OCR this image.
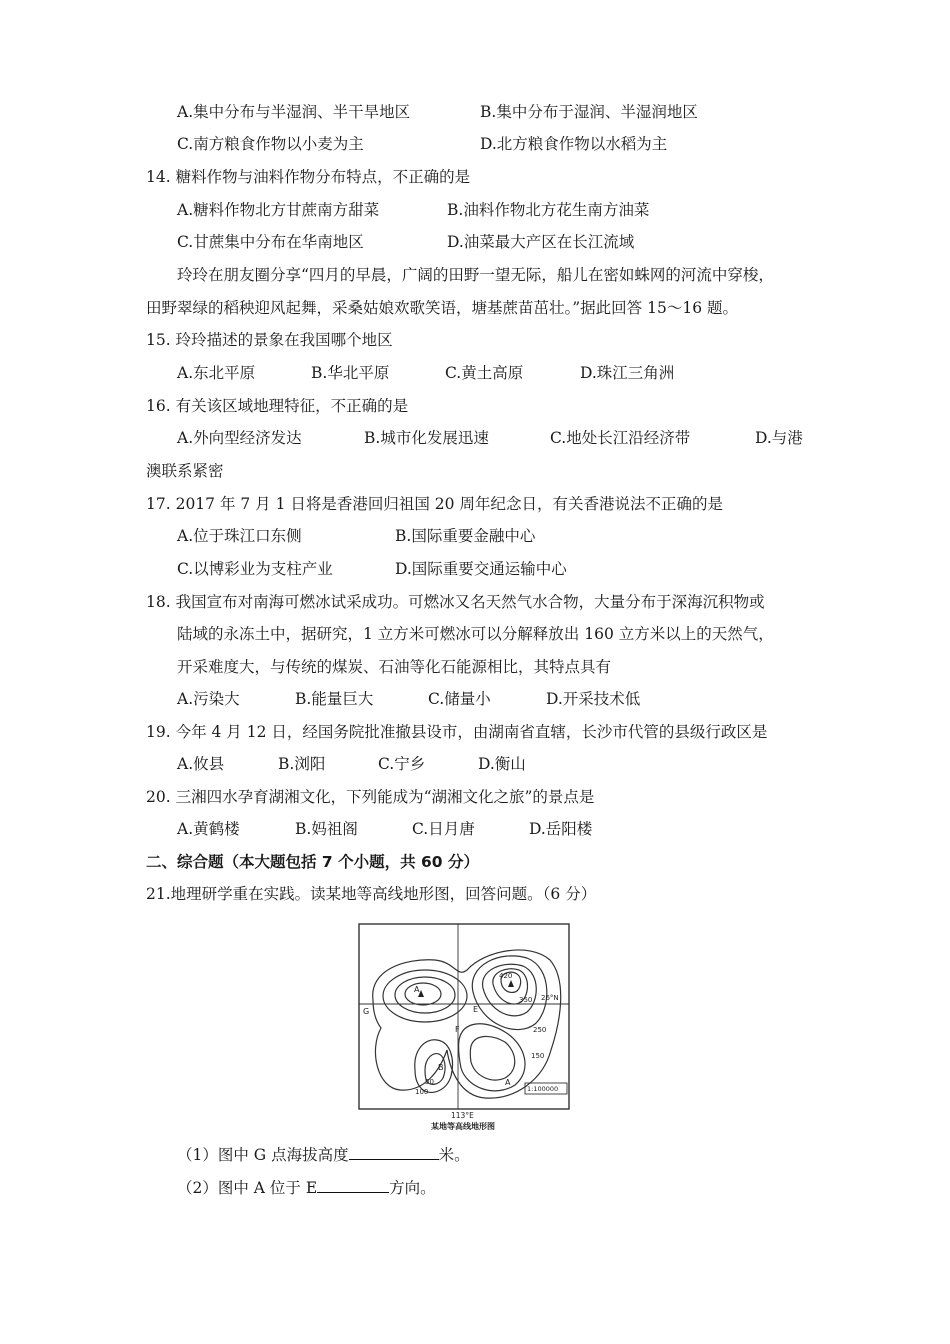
A.集中分布与半湿润、半干旱地区	B.集中分布于湿润、半湿润地区
C.南方粮食作物以小麦为主	D.北方粮食作物以水稻为主
14. 糖料作物与油料作物分布特点，不正确的是
A.糖料作物北方甘蔗南方甜菜	B.油料作物北方花生南方油菜
C.甘蔗集中分布在华南地区	D.油菜最大产区在长江流域
玲玲在朋友圈分享“四月的早晨，广阔的田野一望无际，船儿在密如蛛网的河流中穿梭，
田野翠绿的稻秧迎风起舞，采桑姑娘欢歌笑语，塘基蔗苗茁壮。”据此回答 15～16 题。
15. 玲玲描述的景象在我国哪个地区
A.东北平原	B.华北平原	C.黄土高原	D.珠江三角洲
16. 有关该区域地理特征，不正确的是
A.外向型经济发达	B.城市化发展迅速	C.地处长江沿经济带	D.与港
澳联系紧密
17. 2017 年 7 月 1 日将是香港回归祖国 20 周年纪念日，有关香港说法不正确的是
A.位于珠江口东侧	B.国际重要金融中心
C.以博彩业为支柱产业	D.国际重要交通运输中心
18. 我国宣布对南海可燃冰试采成功。可燃冰又名天然气水合物，大量分布于深海沉积物或
陆域的永冻土中，据研究，1 立方米可燃冰可以分解释放出 160 立方米以上的天然气，
开采难度大，与传统的煤炭、石油等化石能源相比，其特点具有
A.污染大	B.能量巨大	C.储量小	D.开采技术低
19. 今年 4 月 12 日，经国务院批准撤县设市，由湖南省直辖，长沙市代管的县级行政区是
A.攸县	B.浏阳	C.宁乡	D.衡山
20. 三湘四水孕育湖湘文化，下列能成为“湖湘文化之旅”的景点是
A.黄鹤楼	B.妈祖阁	C.日月唐	D.岳阳楼
二、综合题（本大题包括 7 个小题，共 60 分）
21.地理研学重在实践。读某地等高线地形图，回答问题。（6 分）
E
A
A
B
F
G
420
350
250
150
100
50
26°N
1:100000
113°E
某地等高线地形图
（1）图中 G 点海拔高度	米。
（2）图中 A 位于 E	方向。
